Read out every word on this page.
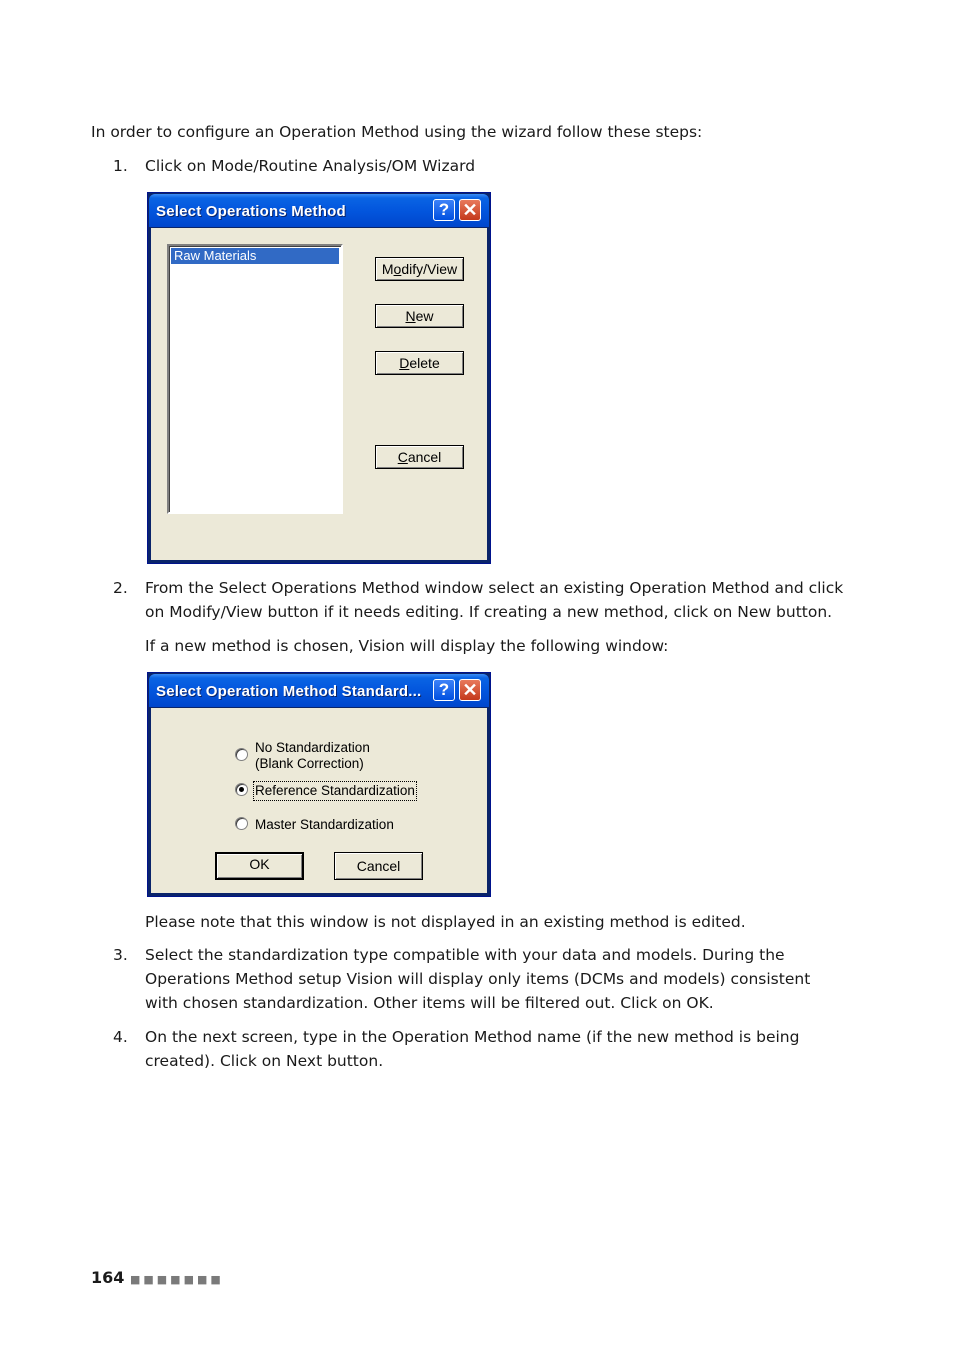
In order to configure an Operation Method using the wizard follow these steps:

1. Click on Mode/Routine Analysis/OM Wizard

Select Operations Method	? ✕
Raw Materials
Modify/View
New
Delete
Cancel
2. From the Select Operations Method window select an existing Operation Method and click on Modify/View button if it needs editing. If creating a new method, click on New button.

If a new method is chosen, Vision will display the following window:

Select Operation Method Standard...	? ✕
No Standardization
(Blank Correction)
Reference Standardization
Master Standardization
OK	Cancel

Please note that this window is not displayed in an existing method is edited.

3. Select the standardization type compatible with your data and models. During the Operations Method setup Vision will display only items (DCMs and models) consistent with chosen standardization. Other items will be filtered out. Click on OK.

4. On the next screen, type in the Operation Method name (if the new method is being created). Click on Next button.

164 ■■■■■■■
